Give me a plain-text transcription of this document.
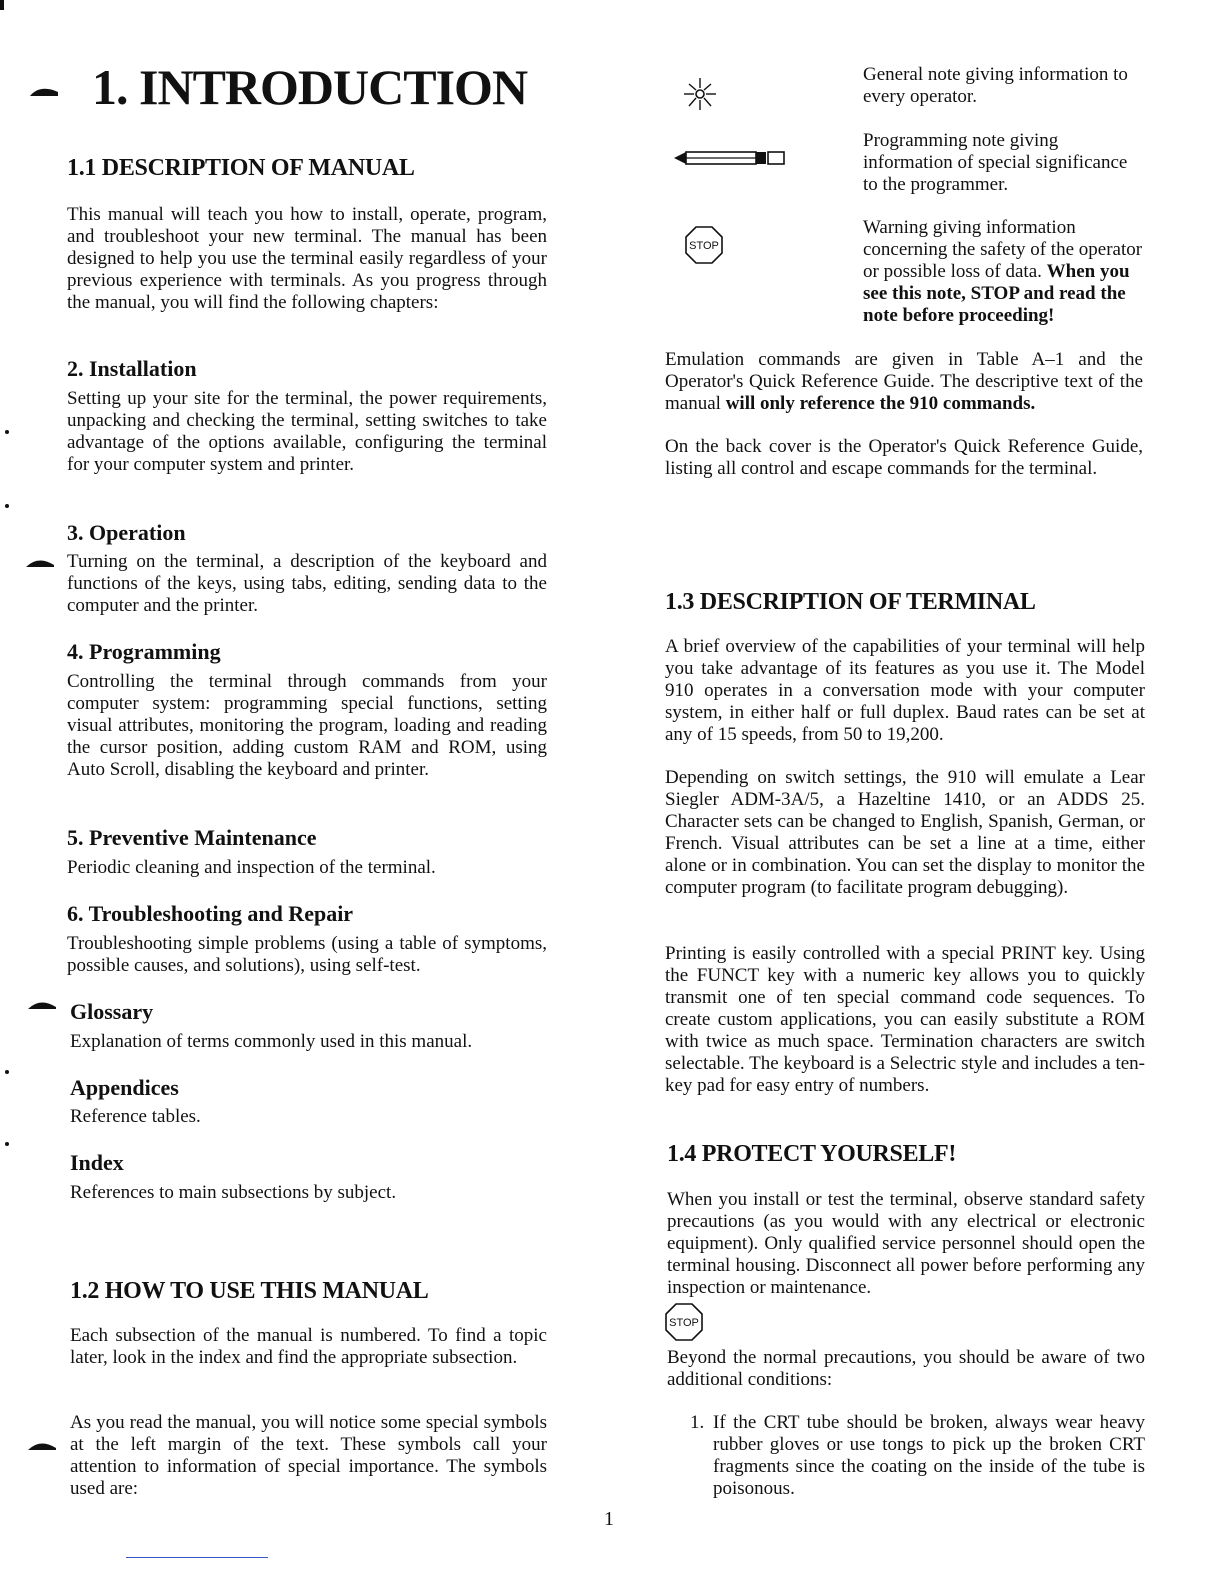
1. INTRODUCTION
1.1 DESCRIPTION OF MANUAL

This manual will teach you how to install, operate, program, and troubleshoot your new terminal. The manual has been designed to help you use the terminal easily regardless of your previous experience with terminals. As you progress through the manual, you will find the following chapters:

2. Installation

Setting up your site for the terminal, the power requirements, unpacking and checking the terminal, setting switches to take advantage of the options available, configuring the terminal for your computer system and printer.

3. Operation

Turning on the terminal, a description of the keyboard and functions of the keys, using tabs, editing, sending data to the computer and the printer.

4. Programming

Controlling the terminal through commands from your computer system: programming special functions, setting visual attributes, monitoring the program, loading and reading the cursor position, adding custom RAM and ROM, using Auto Scroll, disabling the keyboard and printer.

5. Preventive Maintenance

Periodic cleaning and inspection of the terminal.

6. Troubleshooting and Repair

Troubleshooting simple problems (using a table of symptoms, possible causes, and solutions), using self-test.

Glossary

Explanation of terms commonly used in this manual.

Appendices

Reference tables.

Index

References to main subsections by subject.

1.2 HOW TO USE THIS MANUAL

Each subsection of the manual is numbered. To find a topic later, look in the index and find the appropriate subsection.

As you read the manual, you will notice some special symbols at the left margin of the text. These symbols call your attention to information of special importance. The symbols used are:

General note giving information to every operator.

Programming note giving information of special significance to the programmer.

STOP

Warning giving information concerning the safety of the operator or possible loss of data. When you see this note, STOP and read the note before proceeding!

Emulation commands are given in Table A–1 and the Operator's Quick Reference Guide. The descriptive text of the manual will only reference the 910 commands.

On the back cover is the Operator's Quick Reference Guide, listing all control and escape commands for the terminal.

1.3 DESCRIPTION OF TERMINAL

A brief overview of the capabilities of your terminal will help you take advantage of its features as you use it. The Model 910 operates in a conversation mode with your computer system, in either half or full duplex. Baud rates can be set at any of 15 speeds, from 50 to 19,200.

Depending on switch settings, the 910 will emulate a Lear Siegler ADM-3A/5, a Hazeltine 1410, or an ADDS 25. Character sets can be changed to English, Spanish, German, or French. Visual attributes can be set a line at a time, either alone or in combination. You can set the display to monitor the computer program (to facilitate program debugging).

Printing is easily controlled with a special PRINT key. Using the FUNCT key with a numeric key allows you to quickly transmit one of ten special command code sequences. To create custom applications, you can easily substitute a ROM with twice as much space. Termination characters are switch selectable. The keyboard is a Selectric style and includes a ten-key pad for easy entry of numbers.

1.4 PROTECT YOURSELF!

When you install or test the terminal, observe standard safety precautions (as you would with any electrical or electronic equipment). Only qualified service personnel should open the terminal housing. Disconnect all power before performing any inspection or maintenance.

STOP

Beyond the normal precautions, you should be aware of two additional conditions:

1. If the CRT tube should be broken, always wear heavy rubber gloves or use tongs to pick up the broken CRT fragments since the coating on the inside of the tube is poisonous.

1
